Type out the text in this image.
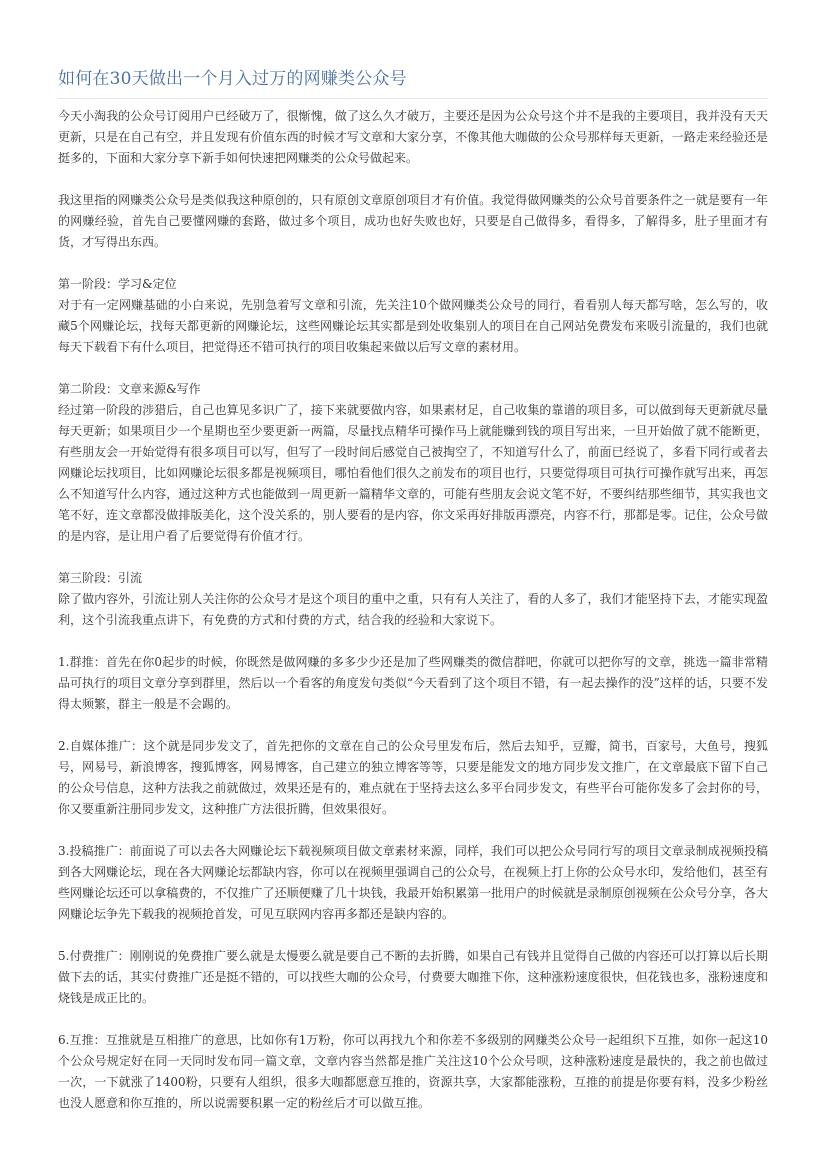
如何在30天做出一个月入过万的网赚类公众号

今天小淘我的公众号订阅用户已经破万了，很惭愧，做了这么久才破万，主要还是因为公众号这个并不是我的主要项目，我并没有天天更新，只是在自己有空，并且发现有价值东西的时候才写文章和大家分享，不像其他大咖做的公众号那样每天更新，一路走来经验还是挺多的，下面和大家分享下新手如何快速把网赚类的公众号做起来。

我这里指的网赚类公众号是类似我这种原创的，只有原创文章原创项目才有价值。我觉得做网赚类的公众号首要条件之一就是要有一年的网赚经验，首先自己要懂网赚的套路，做过多个项目，成功也好失败也好，只要是自己做得多，看得多，了解得多，肚子里面才有货，才写得出东西。

第一阶段：学习&定位
对于有一定网赚基础的小白来说，先别急着写文章和引流，先关注10个做网赚类公众号的同行，看看别人每天都写啥，怎么写的，收藏5个网赚论坛，找每天都更新的网赚论坛，这些网赚论坛其实都是到处收集别人的项目在自己网站免费发布来吸引流量的，我们也就每天下载看下有什么项目，把觉得还不错可执行的项目收集起来做以后写文章的素材用。

第二阶段：文章来源&写作
经过第一阶段的涉猎后，自己也算见多识广了，接下来就要做内容，如果素材足，自己收集的靠谱的项目多，可以做到每天更新就尽量每天更新；如果项目少一个星期也至少要更新一两篇，尽量找点精华可操作马上就能赚到钱的项目写出来，一旦开始做了就不能断更，有些朋友会一开始觉得有很多项目可以写，但写了一段时间后感觉自己被掏空了，不知道写什么了，前面已经说了，多看下同行或者去网赚论坛找项目，比如网赚论坛很多都是视频项目，哪怕看他们很久之前发布的项目也行，只要觉得项目可执行可操作就写出来，再怎么不知道写什么内容，通过这种方式也能做到一周更新一篇精华文章的，可能有些朋友会说文笔不好，不要纠结那些细节，其实我也文笔不好，连文章都没做排版美化，这个没关系的，别人要看的是内容，你文采再好排版再漂亮，内容不行，那都是零。记住，公众号做的是内容，是让用户看了后要觉得有价值才行。

第三阶段：引流
除了做内容外，引流让别人关注你的公众号才是这个项目的重中之重，只有有人关注了，看的人多了，我们才能坚持下去，才能实现盈利，这个引流我重点讲下，有免费的方式和付费的方式，结合我的经验和大家说下。

1.群推：首先在你0起步的时候，你既然是做网赚的多多少少还是加了些网赚类的微信群吧，你就可以把你写的文章，挑选一篇非常精品可执行的项目文章分享到群里，然后以一个看客的角度发句类似“今天看到了这个项目不错，有一起去操作的没”这样的话，只要不发得太频繁，群主一般是不会踢的。

2.自媒体推广：这个就是同步发文了，首先把你的文章在自己的公众号里发布后，然后去知乎，豆瓣，简书，百家号，大鱼号，搜狐号，网易号，新浪博客，搜狐博客，网易博客，自己建立的独立博客等等，只要是能发文的地方同步发文推广，在文章最底下留下自己的公众号信息，这种方法我之前就做过，效果还是有的，难点就在于坚持去这么多平台同步发文，有些平台可能你发多了会封你的号，你又要重新注册同步发文，这种推广方法很折腾，但效果很好。

3.投稿推广：前面说了可以去各大网赚论坛下载视频项目做文章素材来源，同样，我们可以把公众号同行写的项目文章录制成视频投稿到各大网赚论坛，现在各大网赚论坛都缺内容，你可以在视频里强调自己的公众号，在视频上打上你的公众号水印，发给他们，甚至有些网赚论坛还可以拿稿费的，不仅推广了还顺便赚了几十块钱，我最开始积累第一批用户的时候就是录制原创视频在公众号分享，各大网赚论坛争先下载我的视频抢首发，可见互联网内容再多都还是缺内容的。

5.付费推广：刚刚说的免费推广要么就是太慢要么就是要自己不断的去折腾，如果自己有钱并且觉得自己做的内容还可以打算以后长期做下去的话，其实付费推广还是挺不错的，可以找些大咖的公众号，付费要大咖推下你，这种涨粉速度很快，但花钱也多，涨粉速度和烧钱是成正比的。

6.互推：互推就是互相推广的意思，比如你有1万粉，你可以再找九个和你差不多级别的网赚类公众号一起组织下互推，如你一起这10个公众号规定好在同一天同时发布同一篇文章，文章内容当然都是推广关注这10个公众号呗，这种涨粉速度是最快的，我之前也做过一次，一下就涨了1400粉，只要有人组织，很多大咖都愿意互推的，资源共享，大家都能涨粉，互推的前提是你要有料，没多少粉丝也没人愿意和你互推的，所以说需要积累一定的粉丝后才可以做互推。
